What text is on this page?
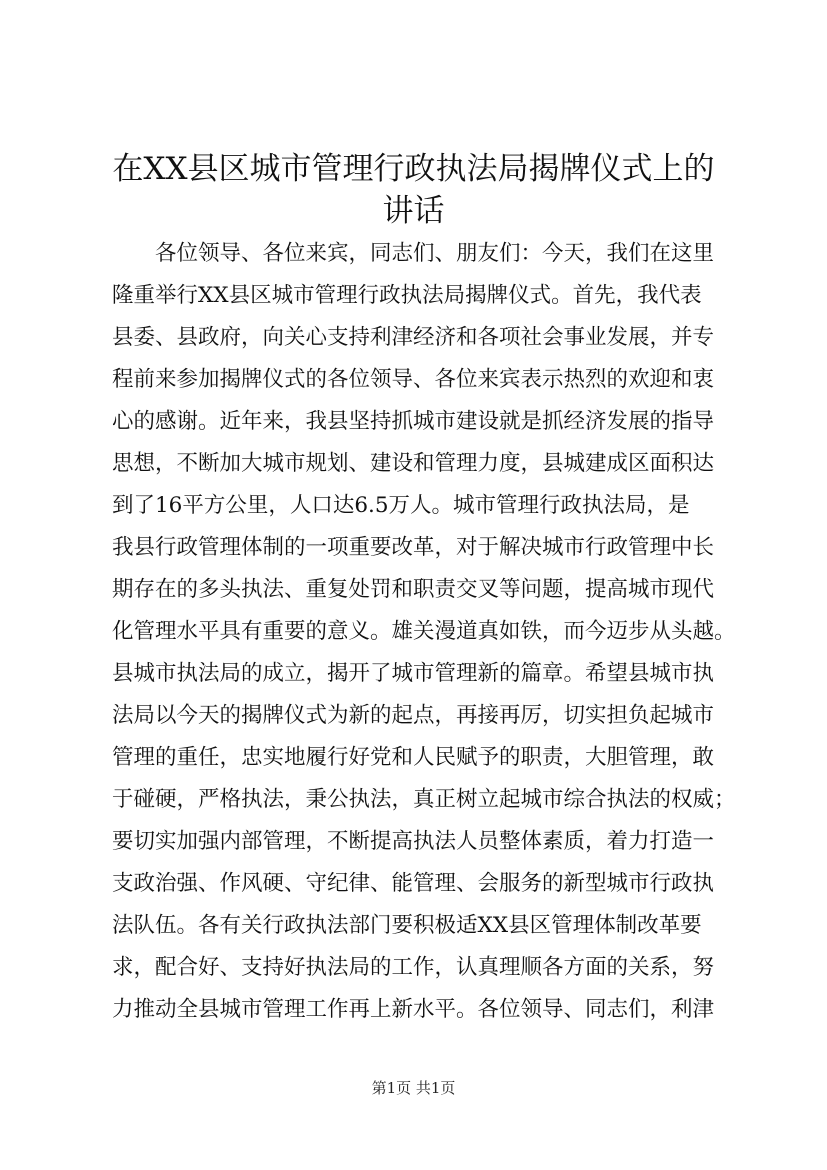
在XX县区城市管理行政执法局揭牌仪式上的
讲话
　　各位领导、各位来宾，同志们、朋友们：今天，我们在这里
隆重举行XX县区城市管理行政执法局揭牌仪式。首先，我代表
县委、县政府，向关心支持利津经济和各项社会事业发展，并专
程前来参加揭牌仪式的各位领导、各位来宾表示热烈的欢迎和衷
心的感谢。近年来，我县坚持抓城市建设就是抓经济发展的指导
思想，不断加大城市规划、建设和管理力度，县城建成区面积达
到了16平方公里，人口达6.5万人。城市管理行政执法局，是
我县行政管理体制的一项重要改革，对于解决城市行政管理中长
期存在的多头执法、重复处罚和职责交叉等问题，提高城市现代
化管理水平具有重要的意义。雄关漫道真如铁，而今迈步从头越。
县城市执法局的成立，揭开了城市管理新的篇章。希望县城市执
法局以今天的揭牌仪式为新的起点，再接再厉，切实担负起城市
管理的重任，忠实地履行好党和人民赋予的职责，大胆管理，敢
于碰硬，严格执法，秉公执法，真正树立起城市综合执法的权威；
要切实加强内部管理，不断提高执法人员整体素质，着力打造一
支政治强、作风硬、守纪律、能管理、会服务的新型城市行政执
法队伍。各有关行政执法部门要积极适XX县区管理体制改革要
求，配合好、支持好执法局的工作，认真理顺各方面的关系，努
力推动全县城市管理工作再上新水平。各位领导、同志们，利津
第1页 共1页
